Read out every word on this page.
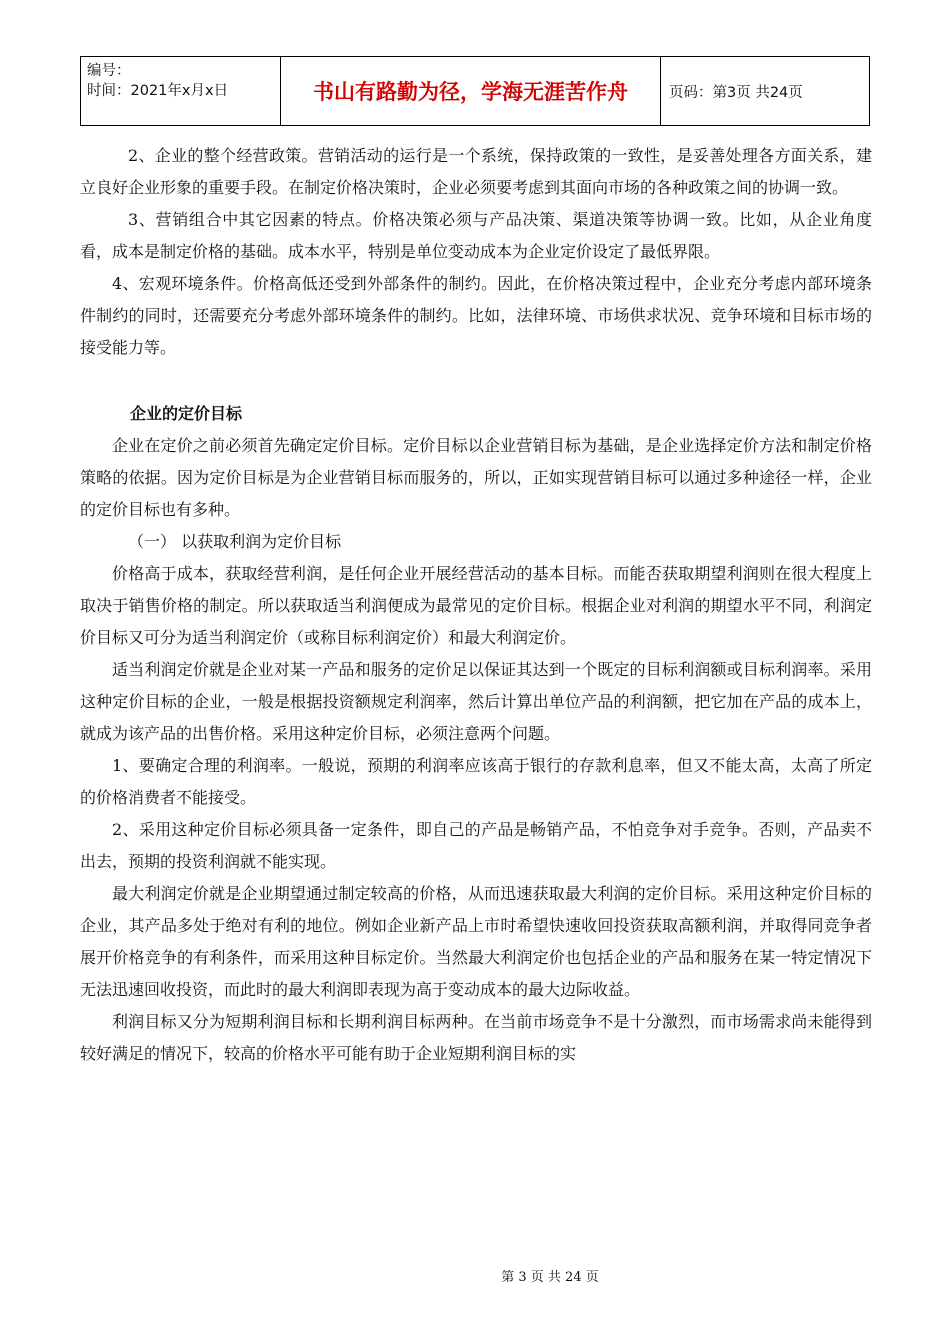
编号：
时间：2021年x月x日	书山有路勤为径，学海无涯苦作舟	页码：第3页 共24页

2、企业的整个经营政策。营销活动的运行是一个系统，保持政策的一致性，是妥善处理各方面关系，建立良好企业形象的重要手段。在制定价格决策时，企业必须要考虑到其面向市场的各种政策之间的协调一致。

3、营销组合中其它因素的特点。价格决策必须与产品决策、渠道决策等协调一致。比如，从企业角度看，成本是制定价格的基础。成本水平，特别是单位变动成本为企业定价设定了最低界限。

4、宏观环境条件。价格高低还受到外部条件的制约。因此，在价格决策过程中，企业充分考虑内部环境条件制约的同时，还需要充分考虑外部环境条件的制约。比如，法律环境、市场供求状况、竞争环境和目标市场的接受能力等。

企业的定价目标

企业在定价之前必须首先确定定价目标。定价目标以企业营销目标为基础，是企业选择定价方法和制定价格策略的依据。因为定价目标是为企业营销目标而服务的，所以，正如实现营销目标可以通过多种途径一样，企业的定价目标也有多种。

（一） 以获取利润为定价目标

价格高于成本，获取经营利润，是任何企业开展经营活动的基本目标。而能否获取期望利润则在很大程度上取决于销售价格的制定。所以获取适当利润便成为最常见的定价目标。根据企业对利润的期望水平不同，利润定价目标又可分为适当利润定价（或称目标利润定价）和最大利润定价。

适当利润定价就是企业对某一产品和服务的定价足以保证其达到一个既定的目标利润额或目标利润率。采用这种定价目标的企业，一般是根据投资额规定利润率，然后计算出单位产品的利润额，把它加在产品的成本上，就成为该产品的出售价格。采用这种定价目标，必须注意两个问题。

1、要确定合理的利润率。一般说，预期的利润率应该高于银行的存款利息率，但又不能太高，太高了所定的价格消费者不能接受。

2、采用这种定价目标必须具备一定条件，即自己的产品是畅销产品，不怕竞争对手竞争。否则，产品卖不出去，预期的投资利润就不能实现。

最大利润定价就是企业期望通过制定较高的价格，从而迅速获取最大利润的定价目标。采用这种定价目标的企业，其产品多处于绝对有利的地位。例如企业新产品上市时希望快速收回投资获取高额利润，并取得同竞争者展开价格竞争的有利条件，而采用这种目标定价。当然最大利润定价也包括企业的产品和服务在某一特定情况下无法迅速回收投资，而此时的最大利润即表现为高于变动成本的最大边际收益。

利润目标又分为短期利润目标和长期利润目标两种。在当前市场竞争不是十分激烈，而市场需求尚未能得到较好满足的情况下，较高的价格水平可能有助于企业短期利润目标的实

第 3 页 共 24 页
